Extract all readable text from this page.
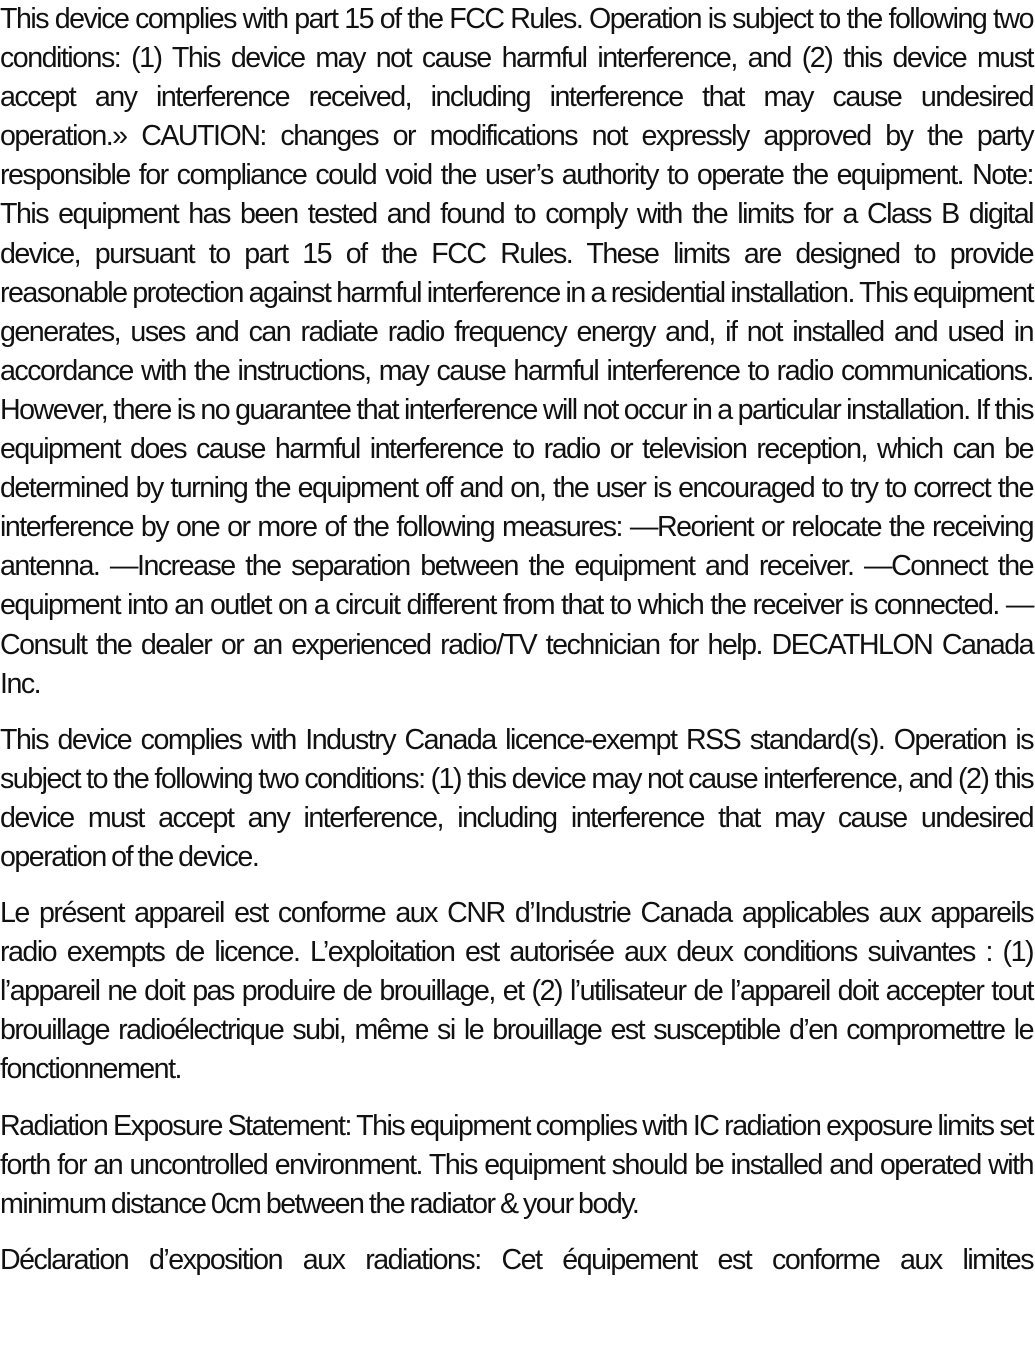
This device complies with part 15 of the FCC Rules. Operation is subject to the following two conditions: (1) This device may not cause harmful interference, and (2) this device must accept any interference received, including interference that may cause undesired operation.» CAUTION: changes or modifications not expressly approved by the party responsible for compliance could void the user’s authority to operate the equipment. Note: This equipment has been tested and found to comply with the limits for a Class B digital device, pursuant to part 15 of the FCC Rules. These limits are designed to provide reasonable protection against harmful interference in a residential installation. This equipment generates, uses and can radiate radio frequency energy and, if not installed and used in accordance with the instructions, may cause harmful interference to radio communications. However, there is no guarantee that interference will not occur in a particular installation. If this equipment does cause harmful interference to radio or television reception, which can be determined by turning the equipment off and on, the user is encouraged to try to correct the interference by one or more of the following measures: —Reorient or relocate the receiving antenna. —Increase the separation between the equipment and receiver. —Connect the equipment into an outlet on a circuit different from that to which the receiver is connected. —Consult the dealer or an experienced radio/TV technician for help. DECATHLON Canada Inc.

This device complies with Industry Canada licence-exempt RSS standard(s). Operation is subject to the following two conditions: (1) this device may not cause interference, and (2) this device must accept any interference, including interference that may cause undesired operation of the device.

Le présent appareil est conforme aux CNR d’Industrie Canada applicables aux appareils radio exempts de licence. L’exploitation est autorisée aux deux conditions suivantes : (1) l’appareil ne doit pas produire de brouillage, et (2) l’utilisateur de l’appareil doit accepter tout brouillage radioélectrique subi, même si le brouillage est susceptible d’en compromettre le fonctionnement.

Radiation Exposure Statement: This equipment complies with IC radiation exposure limits set forth for an uncontrolled environment. This equipment should be installed and operated with minimum distance 0cm between the radiator & your body.

Déclaration d’exposition aux radiations: Cet équipement est conforme aux limites
